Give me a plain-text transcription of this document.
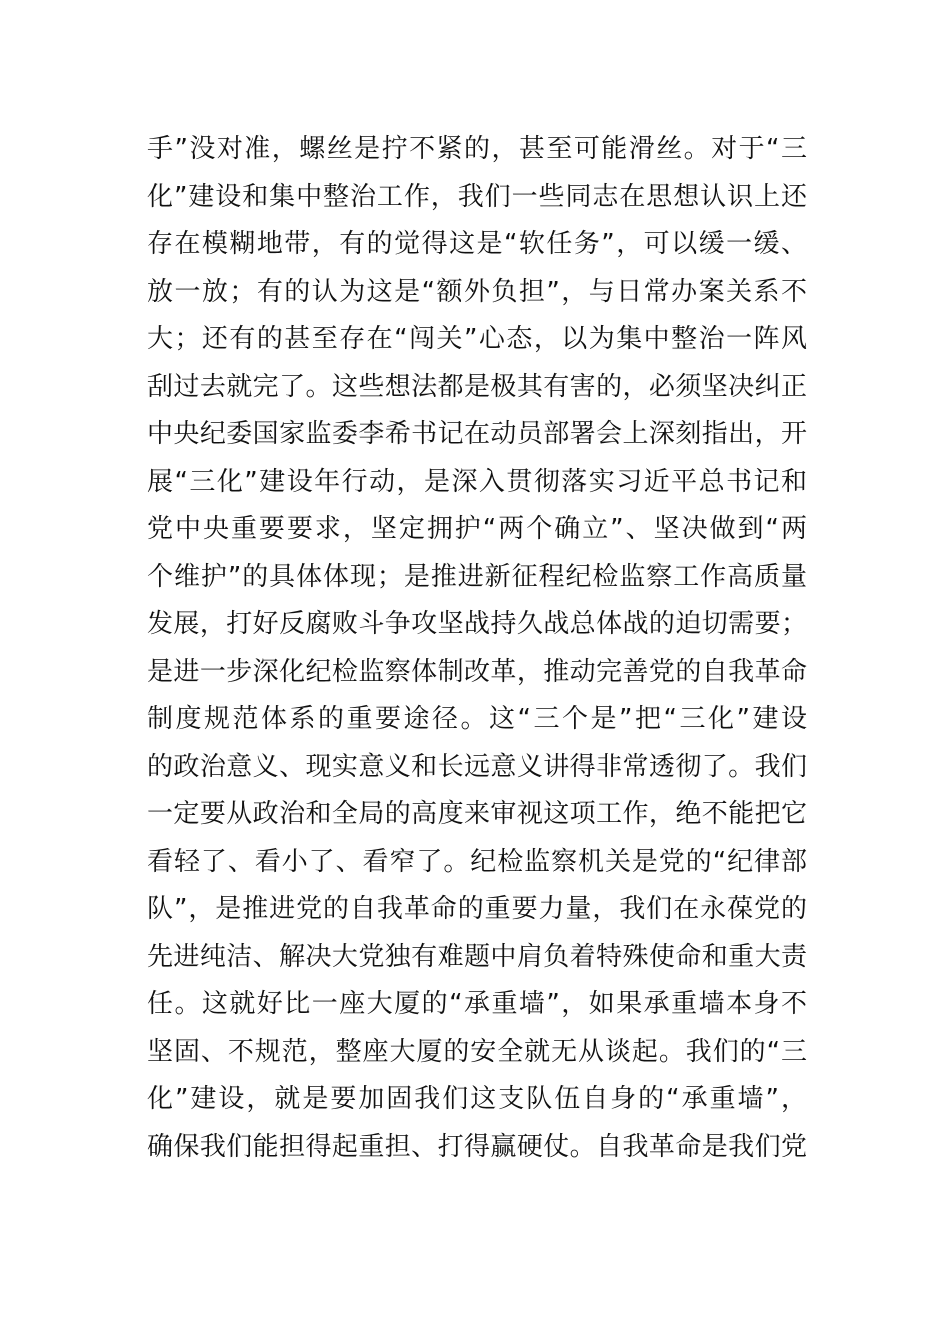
手”没对准，螺丝是拧不紧的，甚至可能滑丝。对于“三
化”建设和集中整治工作，我们一些同志在思想认识上还
存在模糊地带，有的觉得这是“软任务”，可以缓一缓、
放一放；有的认为这是“额外负担”，与日常办案关系不
大；还有的甚至存在“闯关”心态，以为集中整治一阵风
刮过去就完了。这些想法都是极其有害的，必须坚决纠正
中央纪委国家监委李希书记在动员部署会上深刻指出，开
展“三化”建设年行动，是深入贯彻落实习近平总书记和
党中央重要要求，坚定拥护“两个确立”、坚决做到“两
个维护”的具体体现；是推进新征程纪检监察工作高质量
发展，打好反腐败斗争攻坚战持久战总体战的迫切需要；
是进一步深化纪检监察体制改革，推动完善党的自我革命
制度规范体系的重要途径。这“三个是”把“三化”建设
的政治意义、现实意义和长远意义讲得非常透彻了。我们
一定要从政治和全局的高度来审视这项工作，绝不能把它
看轻了、看小了、看窄了。纪检监察机关是党的“纪律部
队”，是推进党的自我革命的重要力量，我们在永葆党的
先进纯洁、解决大党独有难题中肩负着特殊使命和重大责
任。这就好比一座大厦的“承重墙”，如果承重墙本身不
坚固、不规范，整座大厦的安全就无从谈起。我们的“三
化”建设，就是要加固我们这支队伍自身的“承重墙”，
确保我们能担得起重担、打得赢硬仗。自我革命是我们党
